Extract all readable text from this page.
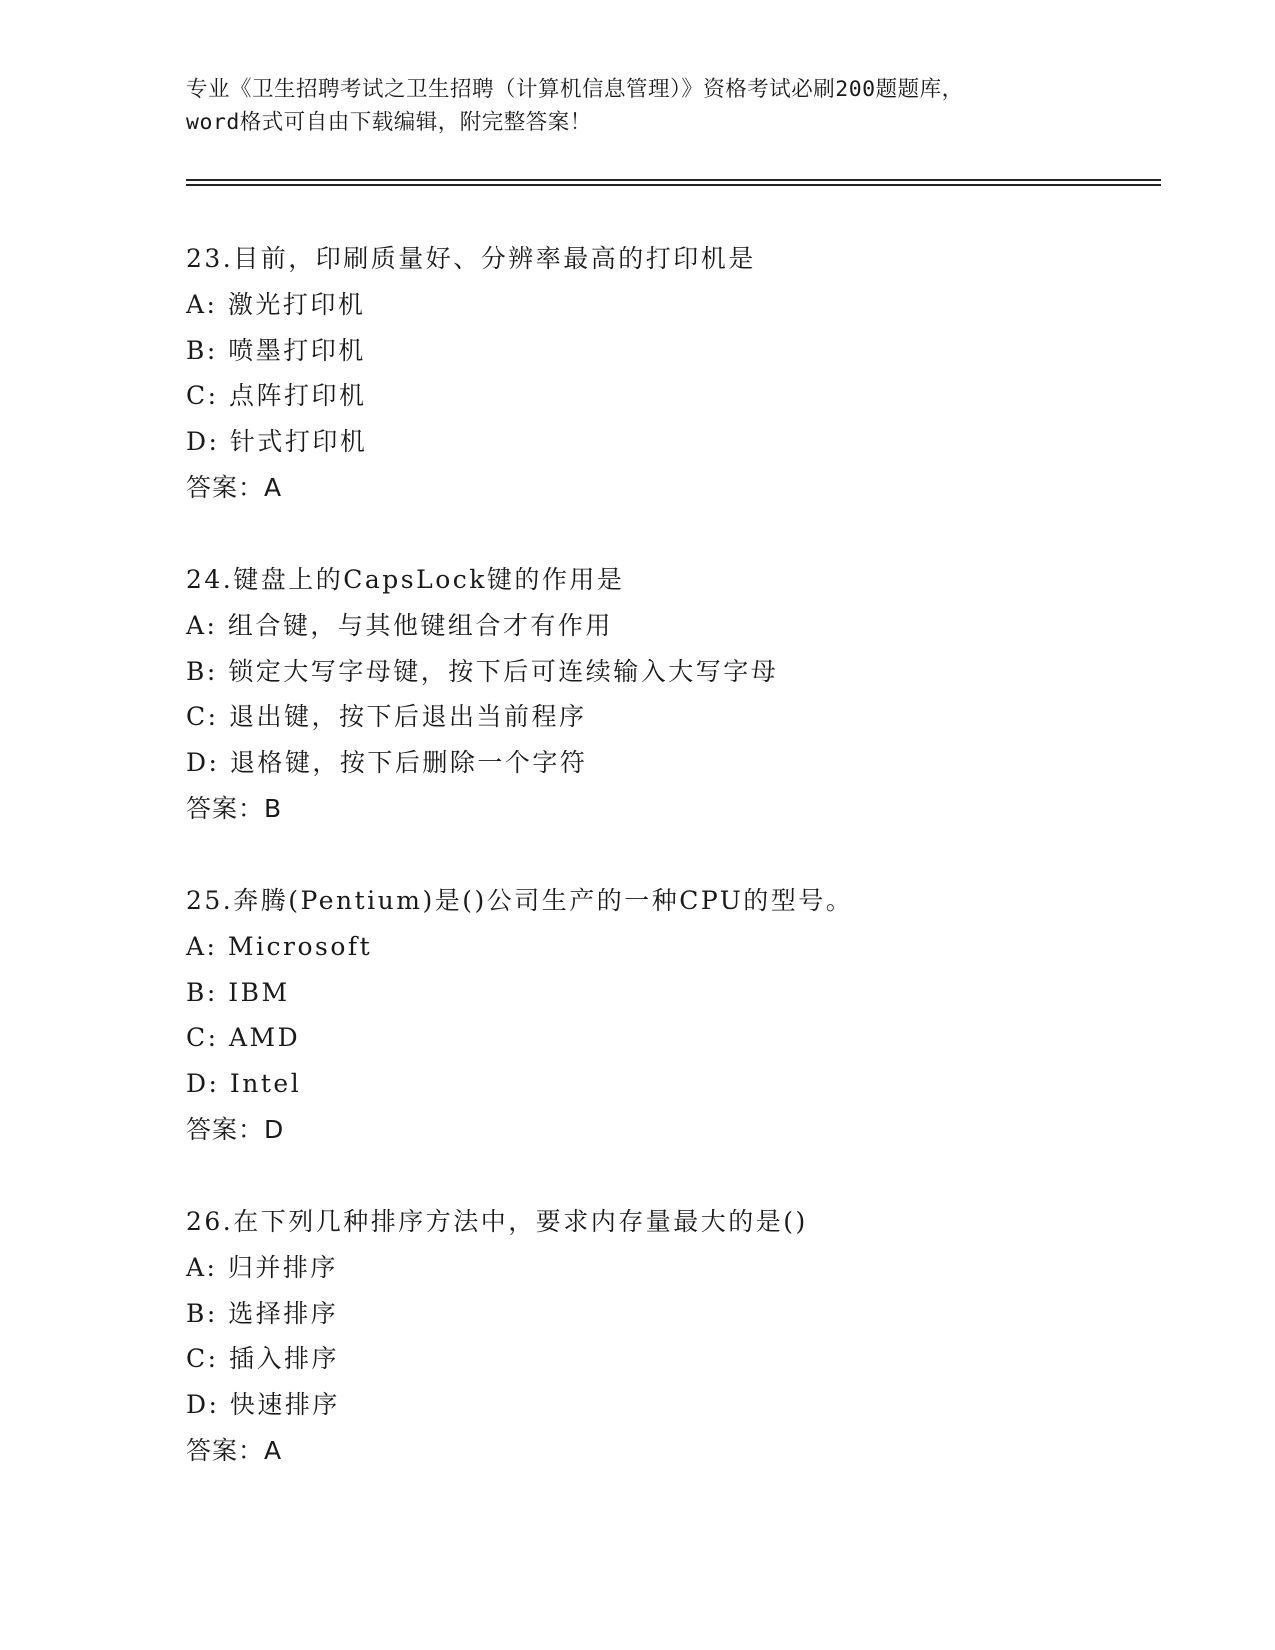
专业《卫生招聘考试之卫生招聘（计算机信息管理）》资格考试必刷200题题库，
word格式可自由下载编辑，附完整答案！
23.目前，印刷质量好、分辨率最高的打印机是
A: 激光打印机
B: 喷墨打印机
C: 点阵打印机
D: 针式打印机
答案：A
24.键盘上的CapsLock键的作用是
A: 组合键，与其他键组合才有作用
B: 锁定大写字母键，按下后可连续输入大写字母
C: 退出键，按下后退出当前程序
D: 退格键，按下后删除一个字符
答案：B
25.奔腾(Pentium)是()公司生产的一种CPU的型号。
A: Microsoft
B: IBM
C: AMD
D: Intel
答案：D
26.在下列几种排序方法中，要求内存量最大的是()
A: 归并排序
B: 选择排序
C: 插入排序
D: 快速排序
答案：A
